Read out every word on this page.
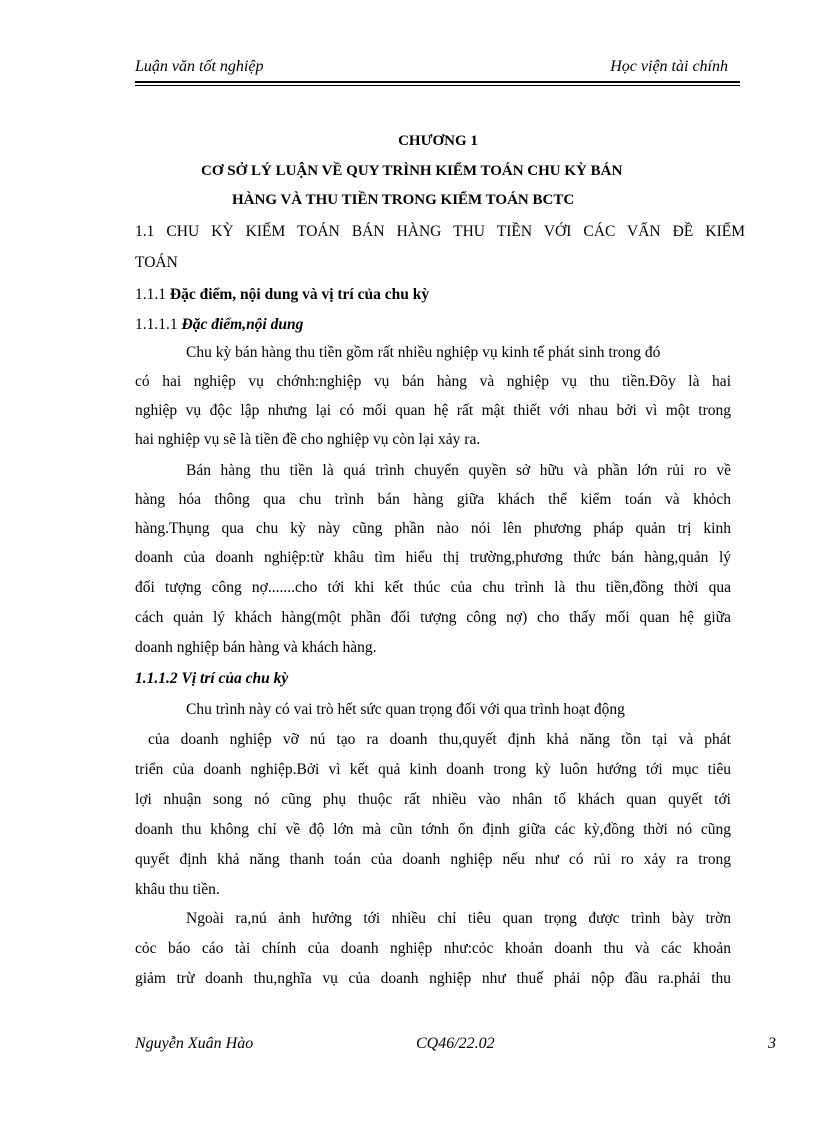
Luận văn tốt nghiệp	Học viện tài chính
CHƯƠNG 1
CƠ SỞ LÝ LUẬN VỀ QUY TRÌNH KIỂM TOÁN CHU KỲ BÁN
HÀNG VÀ THU TIỀN TRONG KIỂM TOÁN BCTC
1.1 CHU KỲ KIỂM TOÁN BÁN HÀNG THU TIỀN VỚI CÁC VẤN ĐỀ KIỂM
TOÁN
1.1.1 Đặc điểm, nội dung và vị trí của chu kỳ
1.1.1.1 Đặc điểm,nội dung
Chu kỳ bán hàng thu tiền gồm rất nhiều nghiệp vụ kinh tế phát sinh trong đó
có hai nghiệp vụ chớnh:nghiệp vụ bán hàng và nghiệp vụ thu tiền.Đõy là hai
nghiệp vụ độc lập nhưng lại có mối quan hệ rất mật thiết với nhau bởi vì một trong
hai nghiệp vụ sẽ là tiền đề cho nghiệp vụ còn lại xảy ra.
Bán hàng thu tiền là quá trình chuyển quyền sở hữu và phần lớn rủi ro về
hàng hóa thông qua chu trình bán hàng giữa khách thể kiểm toán và khỏch
hàng.Thụng qua chu kỳ này cũng phần nào nói lên phương pháp quản trị kinh
doanh của doanh nghiệp:từ khâu tìm hiểu thị trường,phương thức bán hàng,quản lý
đối tượng công nợ.......cho tới khi kết thúc của chu trình là thu tiền,đồng thời qua
cách quản lý khách hàng(một phần đối tượng công nợ) cho thấy mối quan hệ giữa
doanh nghiệp bán hàng và khách hàng.
1.1.1.2 Vị trí của chu kỳ
Chu trình này có vai trò hết sức quan trọng đối với qua trình hoạt động
của doanh nghiệp vỡ nú tạo ra doanh thu,quyết định khả năng tồn tại và phát
triển của doanh nghiệp.Bởi vì kết quả kinh doanh trong kỳ luôn hướng tới mục tiêu
lợi nhuận song nó cũng phụ thuộc rất nhiều vào nhân tố khách quan quyết tới
doanh thu không chỉ về độ lớn mà cũn tớnh ổn định giữa các kỳ,đồng thời nó cũng
quyết định khả năng thanh toán của doanh nghiệp nếu như có rủi ro xảy ra trong
khâu thu tiền.
Ngoài ra,nú ảnh hưởng tới nhiều chỉ tiêu quan trọng được trình bày trờn
cỏc báo cáo tài chính của doanh nghiệp như:cỏc khoản doanh thu và các khoản
giảm trừ doanh thu,nghĩa vụ của doanh nghiệp như thuế phải nộp đầu ra.phải thu
Nguyễn Xuân Hào	CQ46/22.02	3
